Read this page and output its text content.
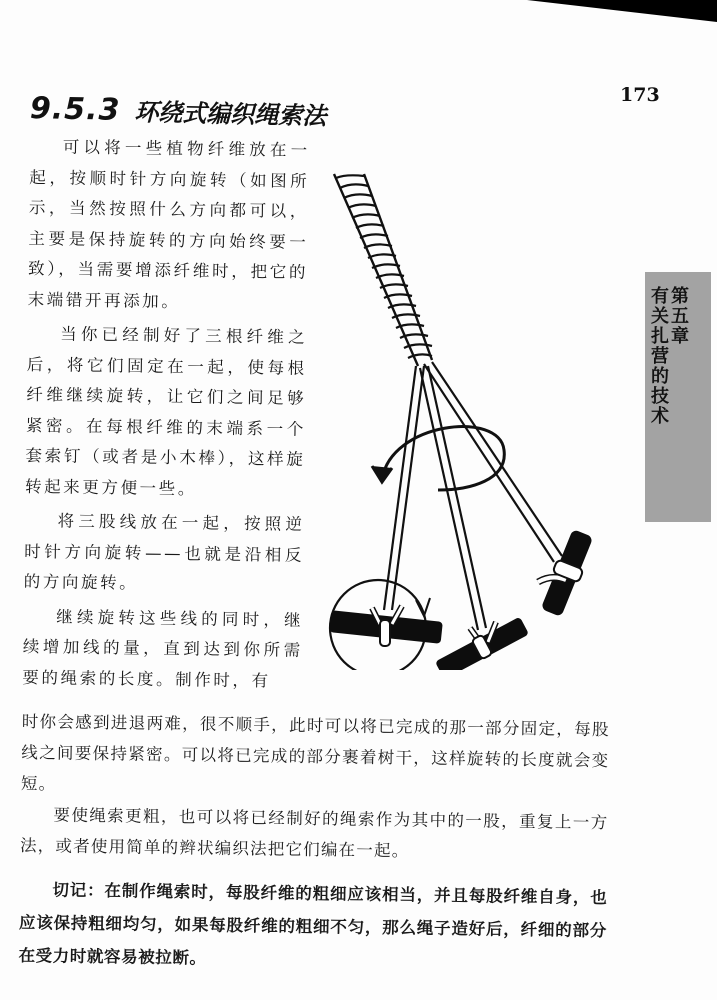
173
9.5.3 环绕式编织绳索法

可以将一些植物纤维放在一起，按顺时针方向旋转（如图所示，当然按照什么方向都可以，主要是保持旋转的方向始终要一致），当需要增添纤维时，把它的末端错开再添加。

当你已经制好了三根纤维之后，将它们固定在一起，使每根纤维继续旋转，让它们之间足够紧密。在每根纤维的末端系一个套索钉（或者是小木棒），这样旋转起来更方便一些。

将三股线放在一起，按照逆时针方向旋转——也就是沿相反的方向旋转。

继续旋转这些线的同时，继续增加线的量，直到达到你所需要的绳索的长度。制作时，有

时你会感到进退两难，很不顺手，此时可以将已完成的那一部分固定，每股线之间要保持紧密。可以将已完成的部分裹着树干，这样旋转的长度就会变短。

要使绳索更粗，也可以将已经制好的绳索作为其中的一股，重复上一方法，或者使用简单的辫状编织法把它们编在一起。

切记：在制作绳索时，每股纤维的粗细应该相当，并且每股纤维自身，也应该保持粗细均匀，如果每股纤维的粗细不匀，那么绳子造好后，纤细的部分在受力时就容易被拉断。

第五章
有关扎营的技术
